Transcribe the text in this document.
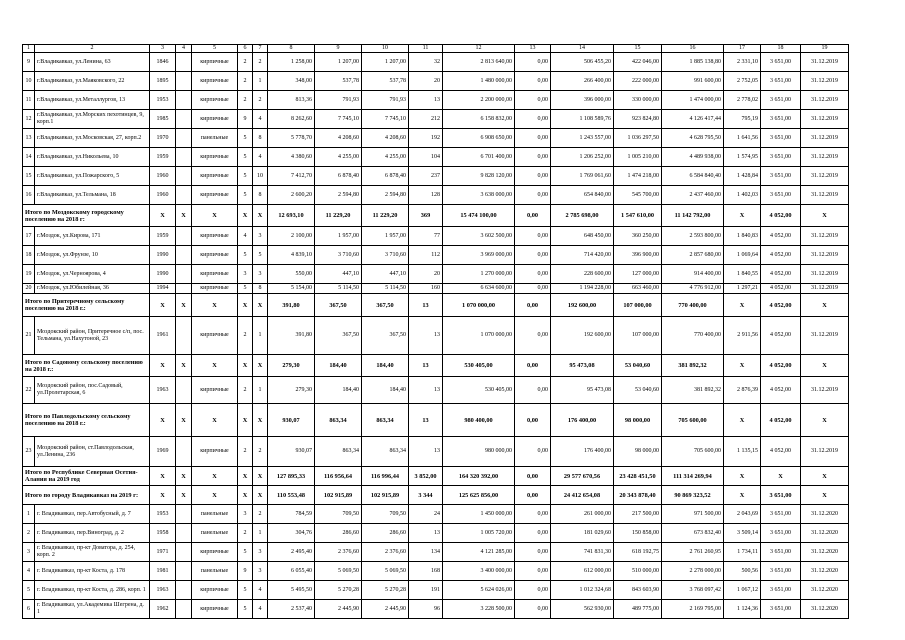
1	2	3	4	5	6	7	8	9	10	11	12	13	14	15	16	17	18	19
9	г.Владикавказ, ул.Ленина, 63	1846		кирпичные	2	2	1 258,00	1 207,00	1 207,00	32	2 813 640,00	0,00	506 455,20	422 046,00	1 885 138,80	2 331,10	3 651,00	31.12.2019
10	г.Владикавказ, ул.Маяковского, 22	1895		кирпичные	2	1	348,00	537,78	537,78	20	1 480 000,00	0,00	266 400,00	222 000,00	991 600,00	2 752,05	3 651,00	31.12.2019
11	г.Владикавказ, ул.Металлургов, 13	1953		кирпичные	2	2	813,36	791,93	791,93	13	2 200 000,00	0,00	396 000,00	330 000,00	1 474 000,00	2 778,02	3 651,00	31.12.2019
12	г.Владикавказ, ул.Морских пехотинцев, 9, корп.1	1985		кирпичные	9	4	8 262,60	7 745,10	7 745,10	212	6 158 832,00	0,00	1 108 589,76	923 824,80	4 126 417,44	795,19	3 651,00	31.12.2019
13	г.Владикавказ, ул.Московская, 27, корп.2	1970		панельные	5	8	5 778,70	4 208,60	4 208,60	192	6 908 650,00	0,00	1 243 557,00	1 036 297,50	4 628 795,50	1 641,56	3 651,00	31.12.2019
14	г.Владикавказ, ул.Никольева, 10	1959		кирпичные	5	4	4 380,60	4 255,00	4 255,00	104	6 701 400,00	0,00	1 206 252,00	1 005 210,00	4 489 938,00	1 574,95	3 651,00	31.12.2019
15	г.Владикавказ, ул.Пожарского, 5	1960		кирпичные	5	10	7 412,70	6 878,40	6 878,40	237	9 828 120,00	0,00	1 769 061,60	1 474 218,00	6 584 840,40	1 428,84	3 651,00	31.12.2019
16	г.Владикавказ, ул.Тельмана, 18	1960		кирпичные	5	8	2 600,20	2 594,80	2 594,80	128	3 638 000,00	0,00	654 840,00	545 700,00	2 437 460,00	1 402,03	3 651,00	31.12.2019
Итого по Моздокскому городскому поселению на 2018 г:		X	X	X	X	X	12 693,10	11 229,20	11 229,20	369	15 474 100,00	0,00	2 785 698,00	1 547 610,00	11 142 792,00	X	4 052,00	X
17	г.Моздок, ул.Кирова, 171	1959		кирпичные	4	3	2 100,00	1 957,00	1 957,00	77	3 602 500,00	0,00	648 450,00	360 250,00	2 593 800,00	1 840,83	4 052,00	31.12.2019
18	г.Моздок, ул.Фрунзе, 10	1990		кирпичные	5	5	4 839,10	3 710,60	3 710,60	112	3 969 000,00	0,00	714 420,00	396 900,00	2 857 680,00	1 069,64	4 052,00	31.12.2019
19	г.Моздок, ул.Черноярова, 4	1990		кирпичные	3	3	550,00	447,10	447,10	20	1 270 000,00	0,00	228 600,00	127 000,00	914 400,00	1 840,55	4 052,00	31.12.2019
20	г.Моздок, ул.Юбилейная, 36	1994		кирпичные	5	8	5 154,00	5 114,50	5 114,50	160	6 634 600,00	0,00	1 194 228,00	663 460,00	4 776 912,00	1 297,21	4 052,00	31.12.2019
Итого по Притеречному сельскому поселению на 2018 г.:		X	X	X	X	X	391,80	367,50	367,50	13	1 070 000,00	0,00	192 600,00	107 000,00	770 400,00	X	4 052,00	X
21	Моздокский район, Притеречное с/п, пос. Тельмана, ул.Нахутоной, 23	1961		кирпичные	2	1	391,80	367,50	367,50	13	1 070 000,00	0,00	192 600,00	107 000,00	770 400,00	2 911,56	4 052,00	31.12.2019
Итого по Садовому сельскому поселению на 2018 г.:		X	X	X	X	X	279,30	184,40	184,40	13	530 405,00	0,00	95 473,08	53 040,60	381 892,32	X	4 052,00	X
22	Моздокский район, пос.Садовый, ул.Пролетарская, 6	1963		кирпичные	2	1	279,30	184,40	184,40	13	530 405,00	0,00	95 473,08	53 040,60	381 892,32	2 876,39	4 052,00	31.12.2019
Итого по Павлодольскому сельскому поселению на 2018 г.:		X	X	X	X	X	930,07	863,34	863,34	13	980 400,00	0,00	176 400,00	98 000,00	705 600,00	X	4 052,00	X
23	Моздокский район, ст.Павлодольская, ул.Ленина, 236	1969		кирпичные	2	2	930,07	863,34	863,34	13	980 000,00	0,00	176 400,00	98 000,00	705 600,00	1 135,15	4 052,00	31.12.2019
Итого по Республике Северная Осетия-Алания на 2019 год		X	X	X	X	X	127 895,33	116 956,64	116 996,44	3 852,00	164 320 392,00	0,00	29 577 670,56	23 428 451,50	111 314 269,94	X	X	X
Итого по городу Владикавказ на 2019 г:		X	X	X	X	X	110 553,48	102 915,89	102 915,89	3 344	125 625 856,00	0,00	24 412 654,08	20 343 878,40	90 869 323,52	X	3 651,00	X
1	г. Владикавказ, пер.Автобусный, д. 7	1953		панельные	3	2	784,59	709,50	709,50	24	1 450 000,00	0,00	261 000,00	217 500,00	971 500,00	2 043,69	3 651,00	31.12.2020
2	г. Владикавказ, пер.Виноград, д. 2	1958		панельные	2	1	304,76	286,60	286,60	13	1 005 720,00	0,00	181 029,60	150 858,00	673 832,40	3 509,14	3 651,00	31.12.2020
3	г. Владикавказ, пр-кт Доватора, д. 254, корп. 2	1971		кирпичные	5	3	2 495,40	2 376,60	2 376,60	134	4 121 285,00	0,00	741 831,30	618 192,75	2 761 260,95	1 734,11	3 651,00	31.12.2020
4	г. Владикавказ, пр-кт Коста, д. 178	1981		панельные	9	3	6 055,40	5 069,50	5 069,50	168	3 400 000,00	0,00	612 000,00	510 000,00	2 278 000,00	500,56	3 651,00	31.12.2020
5	г. Владикавказ, пр-кт Коста, д. 286, корп. 1	1963		кирпичные	5	4	5 495,50	5 270,28	5 270,28	191	5 624 026,00	0,00	1 012 324,68	843 603,90	3 768 097,42	1 067,12	3 651,00	31.12.2020
6	г. Владикавказ, ул.Академика Шегрена, д. 1	1962		кирпичные	5	4	2 537,40	2 445,90	2 445,90	96	3 228 500,00	0,00	562 930,00	489 775,00	2 169 795,00	1 124,36	3 651,00	31.12.2020
